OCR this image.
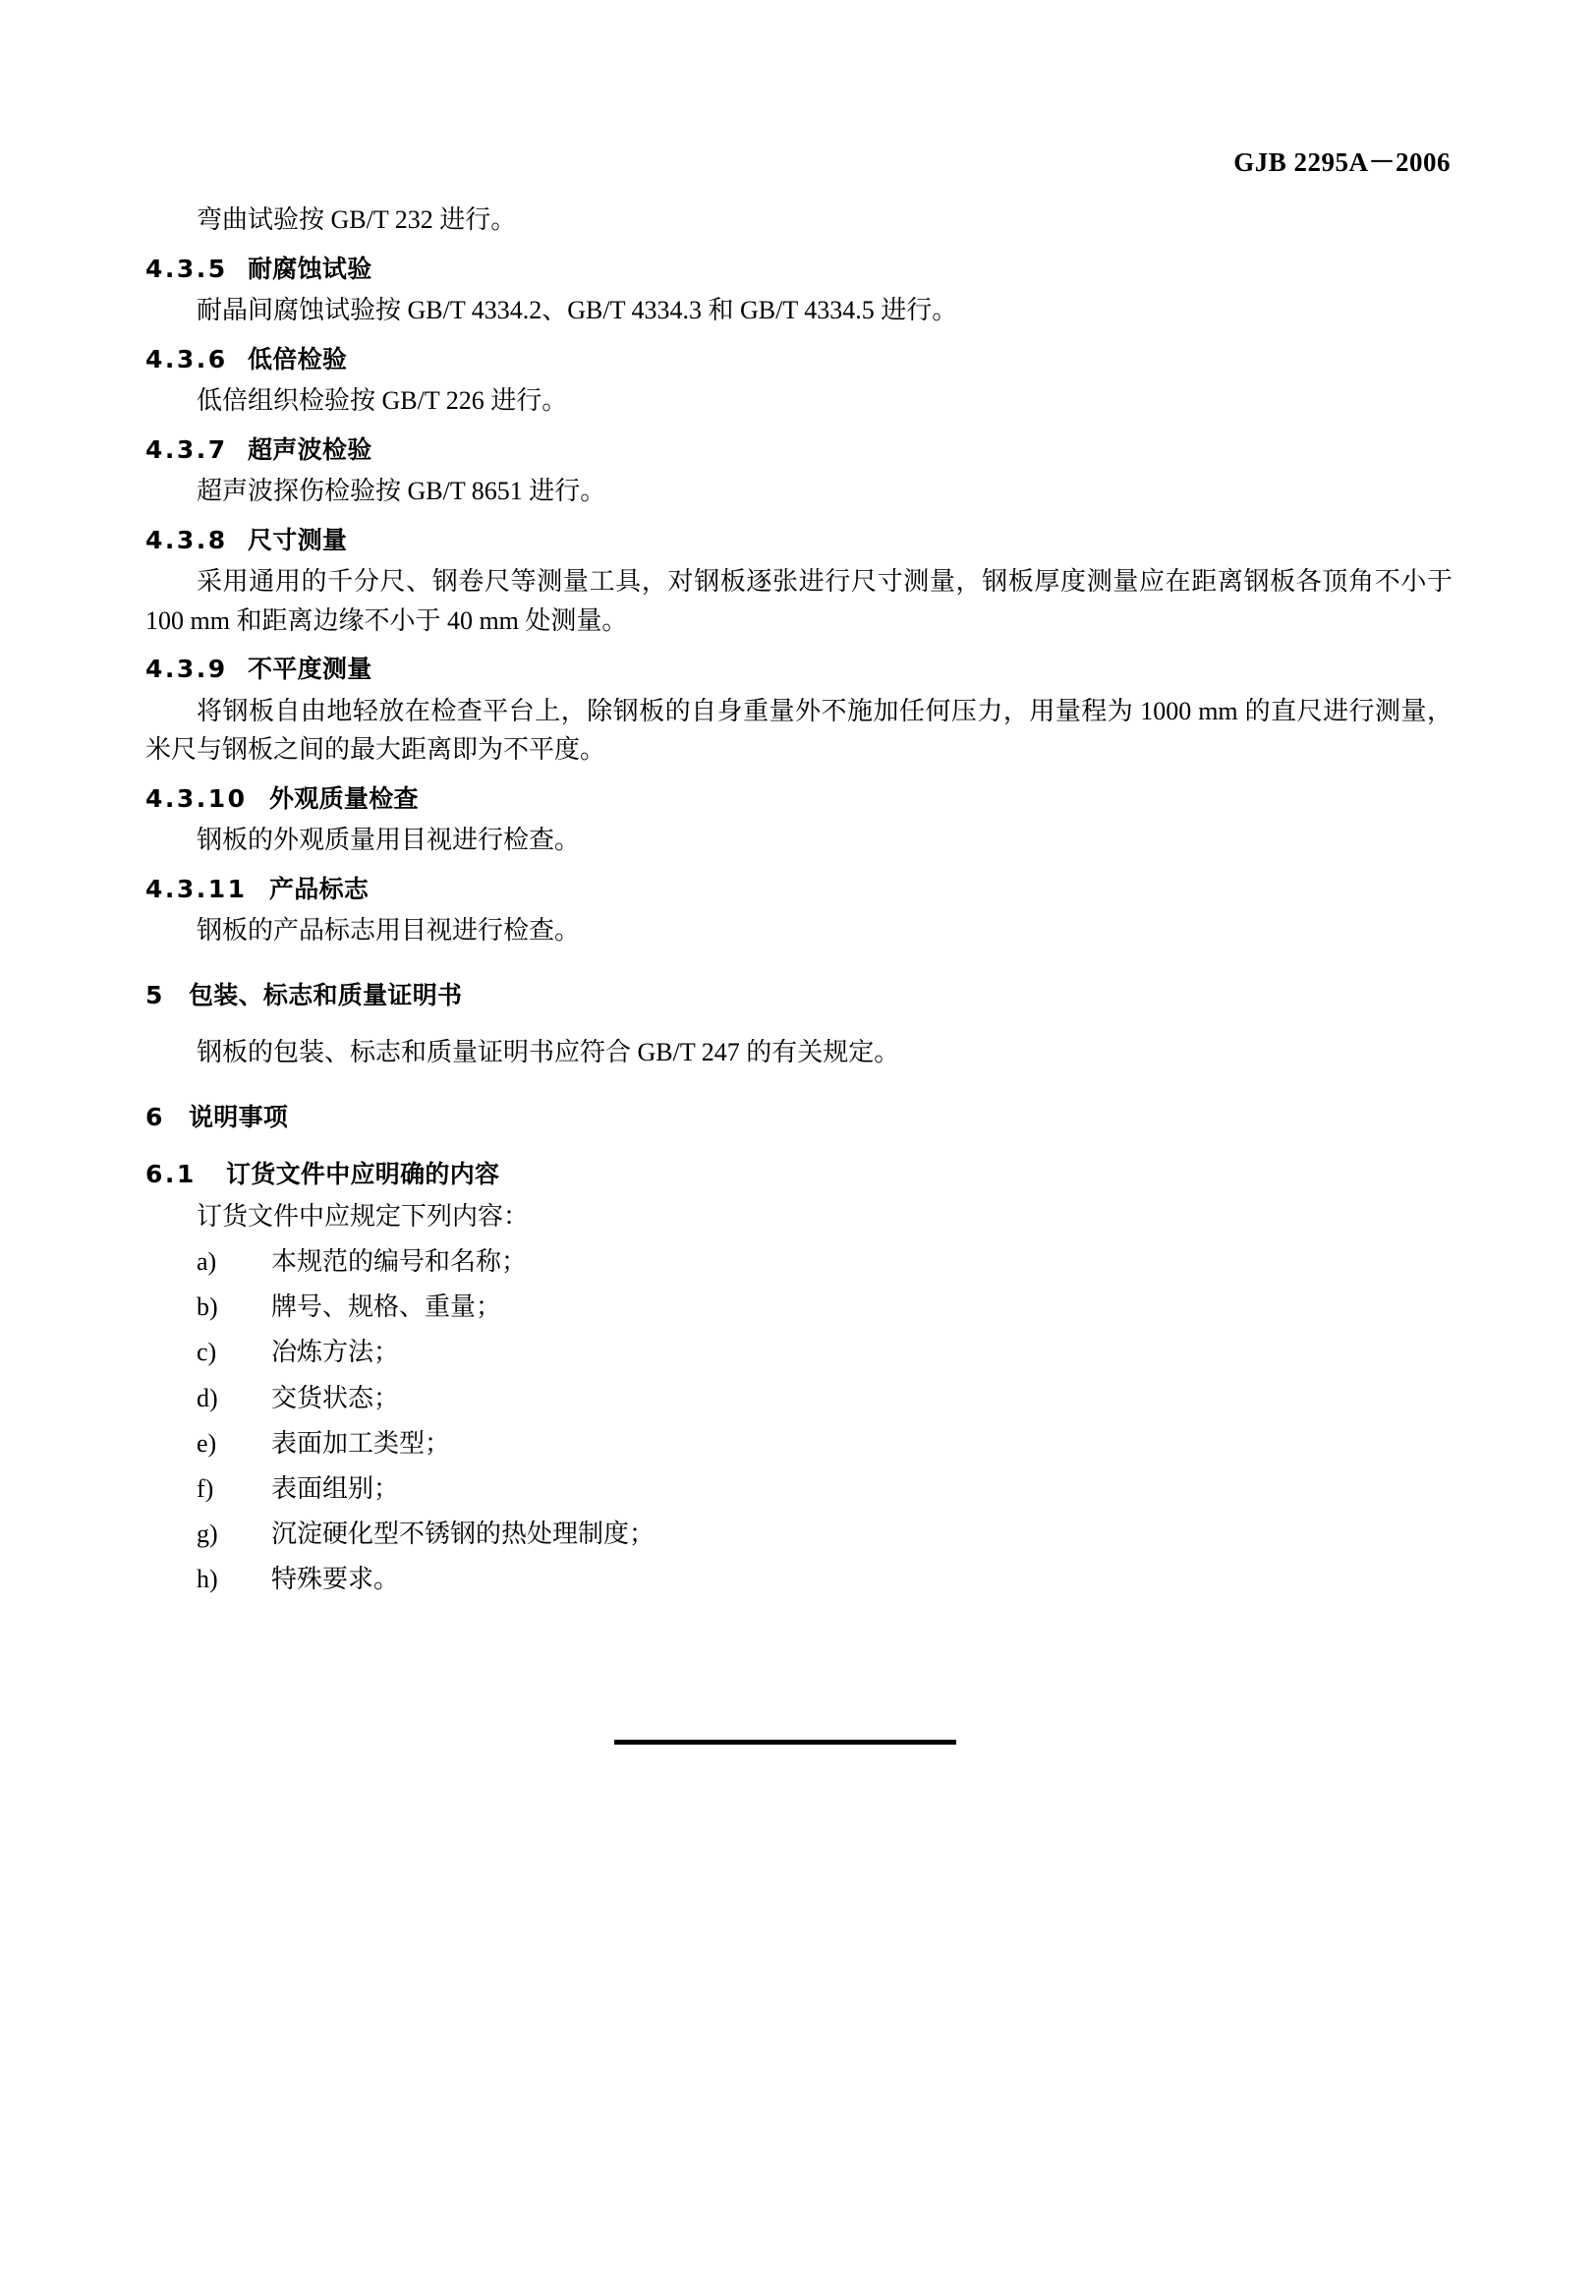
GJB 2295A－2006

弯曲试验按 GB/T 232 进行。

4.3.5 耐腐蚀试验

耐晶间腐蚀试验按 GB/T 4334.2、GB/T 4334.3 和 GB/T 4334.5 进行。

4.3.6 低倍检验

低倍组织检验按 GB/T 226 进行。

4.3.7 超声波检验

超声波探伤检验按 GB/T 8651 进行。

4.3.8 尺寸测量

采用通用的千分尺、钢卷尺等测量工具，对钢板逐张进行尺寸测量，钢板厚度测量应在距离钢板各顶角不小于 100 mm 和距离边缘不小于 40 mm 处测量。

4.3.9 不平度测量

将钢板自由地轻放在检查平台上，除钢板的自身重量外不施加任何压力，用量程为 1000 mm 的直尺进行测量，米尺与钢板之间的最大距离即为不平度。

4.3.10 外观质量检查

钢板的外观质量用目视进行检查。

4.3.11 产品标志

钢板的产品标志用目视进行检查。

5 包装、标志和质量证明书

钢板的包装、标志和质量证明书应符合 GB/T 247 的有关规定。

6 说明事项
6.1 订货文件中应明确的内容

订货文件中应规定下列内容：

a)	本规范的编号和名称；
b)	牌号、规格、重量；
c)	冶炼方法；
d)	交货状态；
e)	表面加工类型；
f)	表面组别；
g)	沉淀硬化型不锈钢的热处理制度；
h)	特殊要求。
